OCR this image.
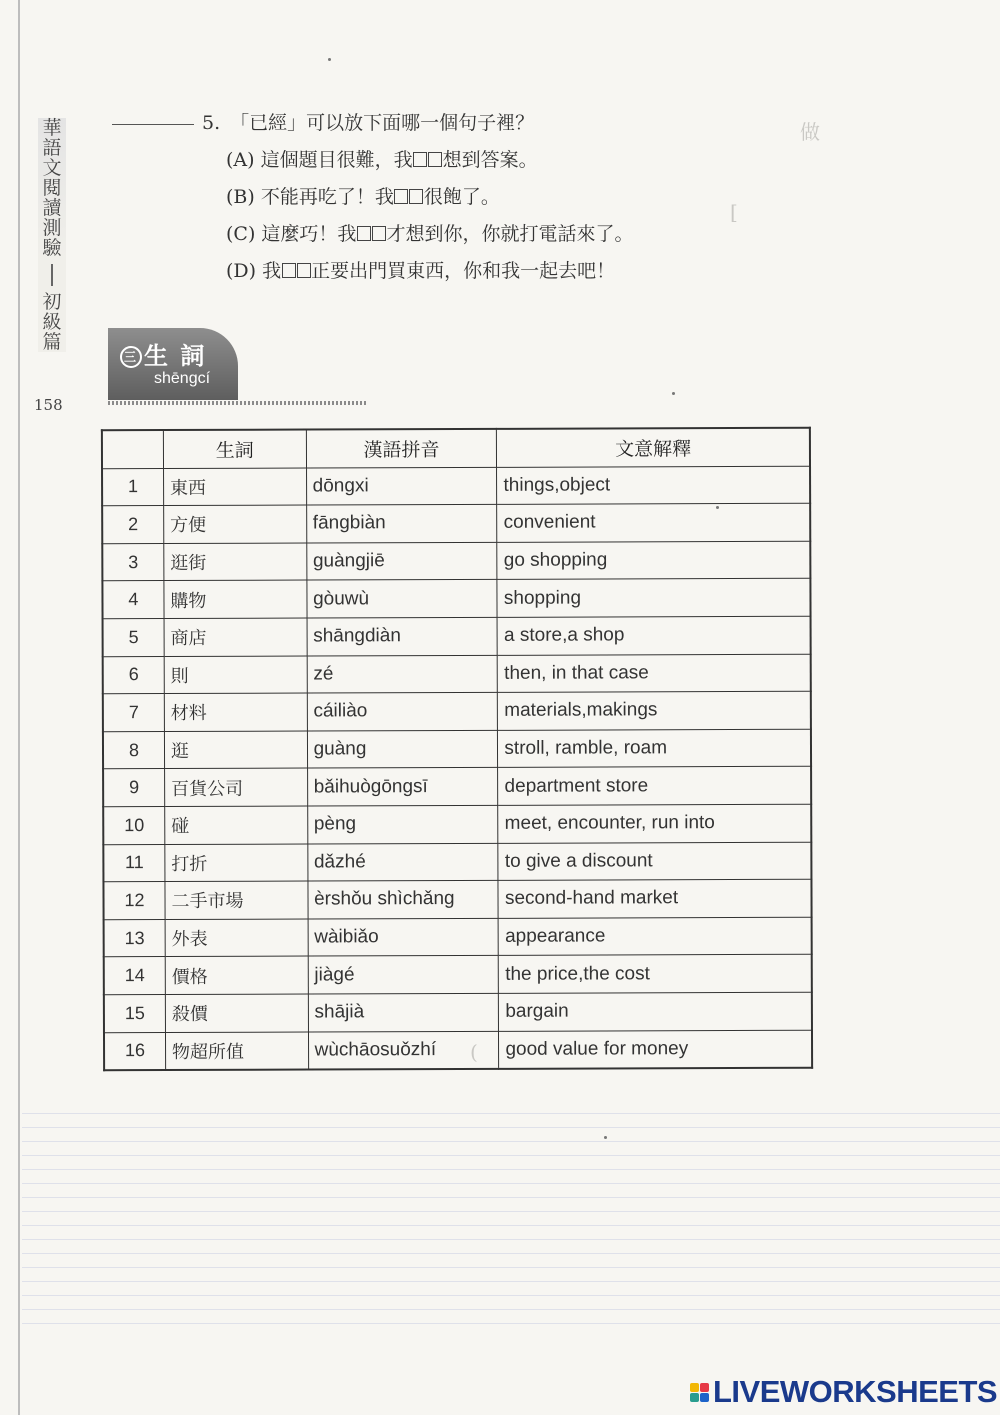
做
[
(
華
語
文
閱
讀
測
驗
初
級
篇
158
5. 「已經」可以放下面哪一個句子裡？
(A) 這個題目很難，我 想到答案。
(B) 不能再吃了！我 很飽了。
(C) 這麼巧！我 才想到你，你就打電話來了。
(D) 我 正要出門買東西，你和我一起去吧！
三 生 詞
shēngcí
	生詞	漢語拼音	文意解釋
1	東西	dōngxi	things,object
2	方便	fāngbiàn	convenient
3	逛街	guàngjiē	go shopping
4	購物	gòuwù	shopping
5	商店	shāngdiàn	a store,a shop
6	則	zé	then, in that case
7	材料	cáiliào	materials,makings
8	逛	guàng	stroll, ramble, roam
9	百貨公司	bǎihuògōngsī	department store
10	碰	pèng	meet, encounter, run into
11	打折	dǎzhé	to give a discount
12	二手市場	èrshǒu shìchǎng	second-hand market
13	外表	wàibiǎo	appearance
14	價格	jiàgé	the price,the cost
15	殺價	shājià	bargain
16	物超所值	wùchāosuǒzhí	good value for money
LIVEWORKSHEETS
